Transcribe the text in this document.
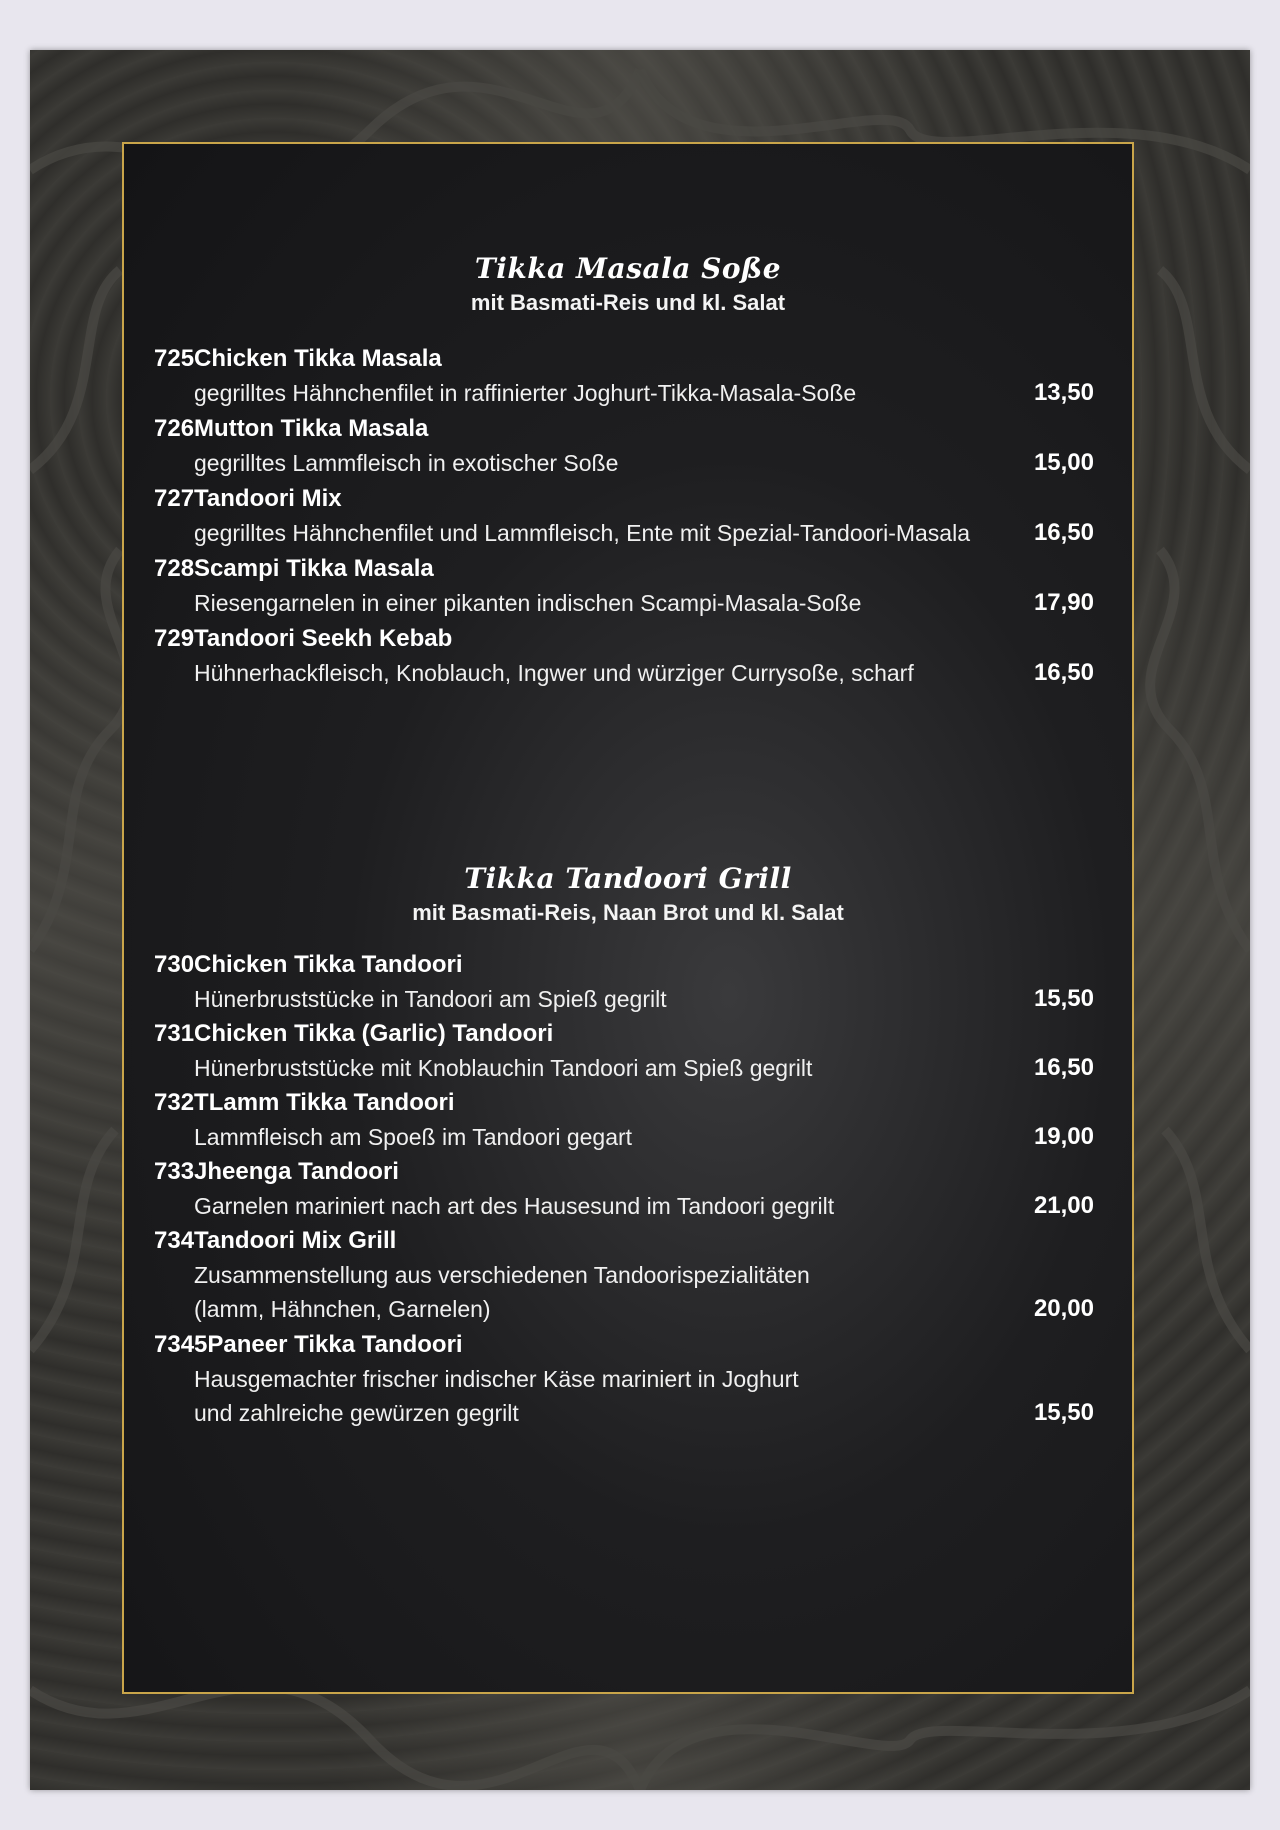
Tikka Masala Soße
mit Basmati-Reis und kl. Salat
725Chicken Tikka Masala
gegrilltes Hähnchenfilet in raffinierter Joghurt-Tikka-Masala-Soße	13,50
726Mutton Tikka Masala
gegrilltes Lammfleisch in exotischer Soße	15,00
727Tandoori Mix
gegrilltes Hähnchenfilet und Lammfleisch, Ente mit Spezial-Tandoori-Masala	16,50
728Scampi Tikka Masala
Riesengarnelen in einer pikanten indischen Scampi-Masala-Soße	17,90
729Tandoori Seekh Kebab
Hühnerhackfleisch, Knoblauch, Ingwer und würziger Currysoße, scharf	16,50
Tikka Tandoori Grill
mit Basmati-Reis, Naan Brot und kl. Salat
730Chicken Tikka Tandoori
Hünerbruststücke in Tandoori am Spieß gegrilt	15,50
731Chicken Tikka (Garlic) Tandoori
Hünerbruststücke mit Knoblauchin Tandoori am Spieß gegrilt	16,50
732TLamm Tikka Tandoori
Lammfleisch am Spoeß im Tandoori gegart	19,00
733Jheenga Tandoori
Garnelen mariniert nach art des Hausesund im Tandoori gegrilt	21,00
734Tandoori Mix Grill
Zusammenstellung aus verschiedenen Tandoorispezialitäten
(lamm, Hähnchen, Garnelen)	20,00
7345Paneer Tikka Tandoori
Hausgemachter frischer indischer Käse mariniert in Joghurt
und zahlreiche gewürzen gegrilt	15,50
